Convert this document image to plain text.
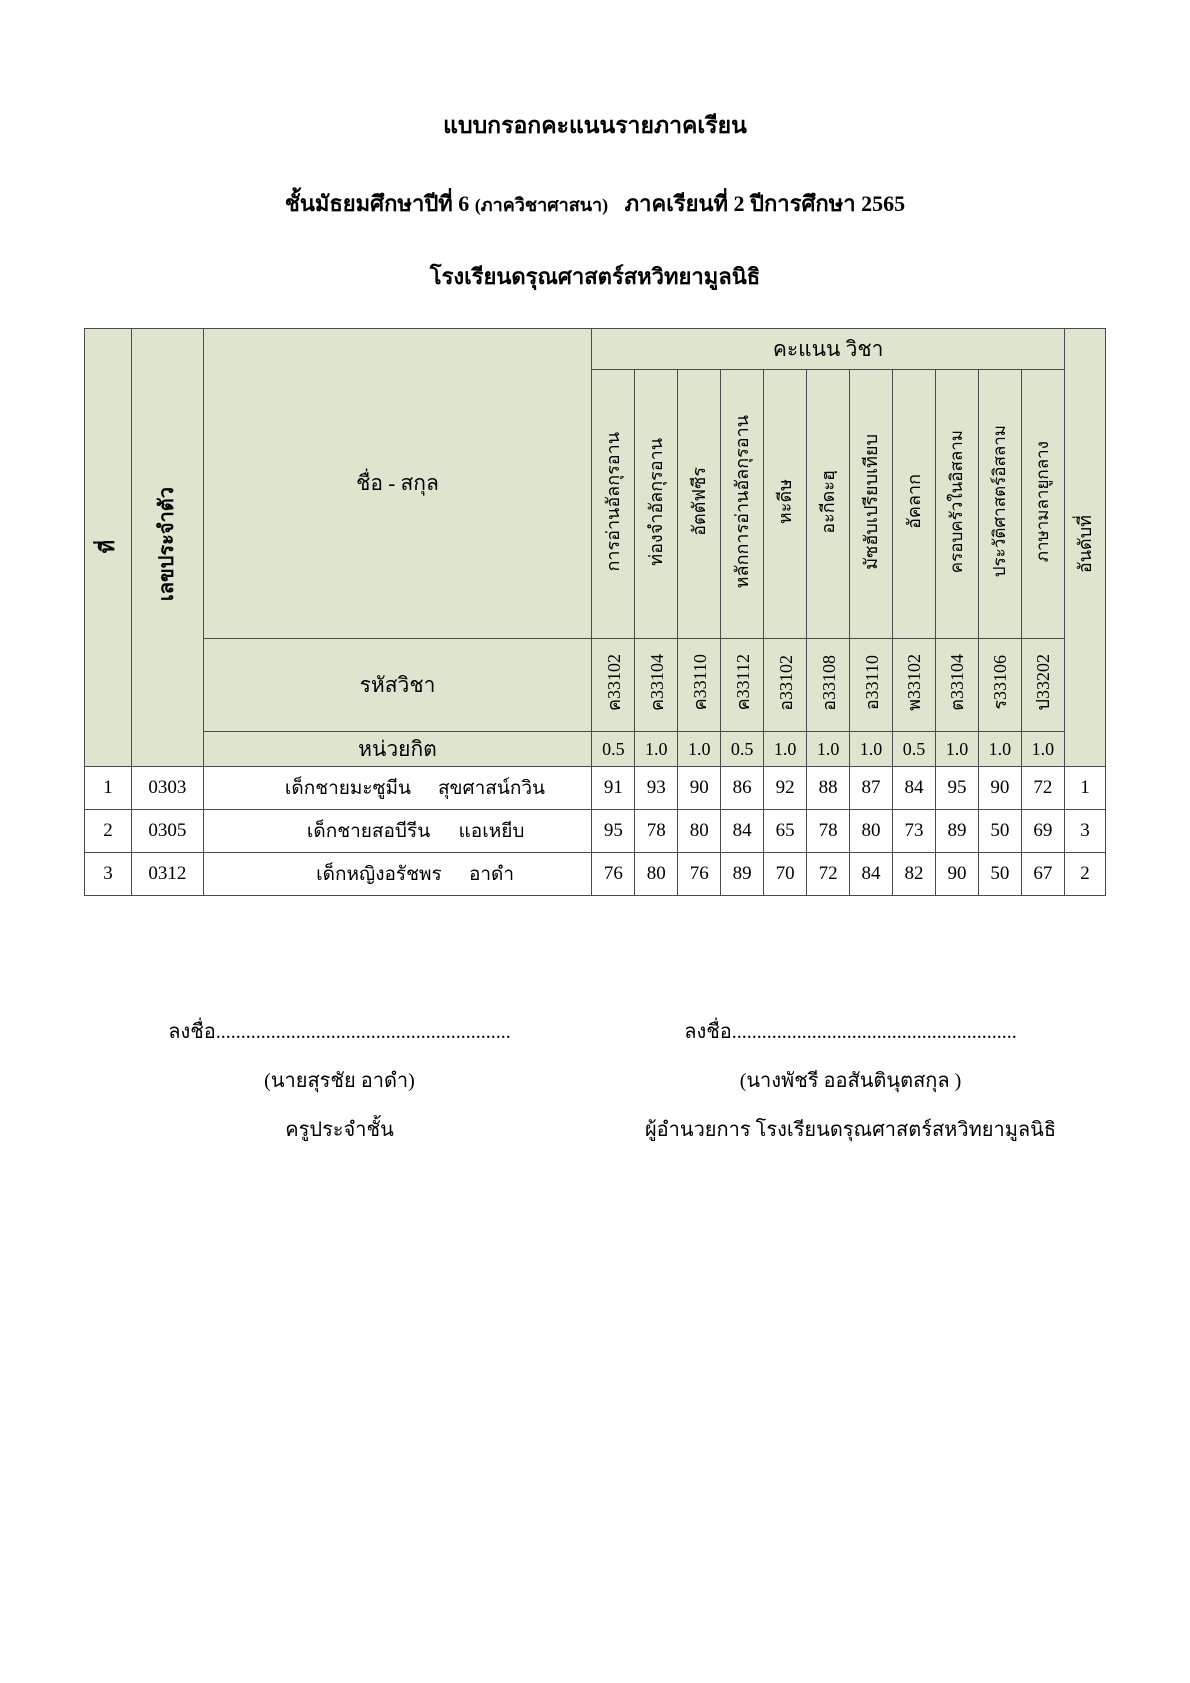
แบบกรอกคะแนนรายภาคเรียน
ชั้นมัธยมศึกษาปีที่ 6 (ภาควิชาศาสนา) ภาคเรียนที่ 2 ปีการศึกษา 2565
โรงเรียนดรุณศาสตร์สหวิทยามูลนิธิ
ที่	เลขประจำตัว	ชื่อ - สกุล	คะแนน วิชา											อันดับที่
			การอ่านอัลกุรอาน	ท่องจำอัลกุรอาน	อัตตัฟซีร	หลักการอ่านอัลกุรอาน	หะดีษ	อะกีดะฮฺ	มัซฮับเปรียบเทียบ	อัคลาก	ครอบครัวในอิสลาม	ประวัติศาสตร์อิสลาม	ภาษามลายูกลาง	
		รหัสวิชา	ค33102	ค33104	ค33110	ค33112	อ33102	อ33108	อ33110	พ33102	ต33104	ร33106	ป33202	
		หน่วยกิต	0.5	1.0	1.0	0.5	1.0	1.0	1.0	0.5	1.0	1.0	1.0	
1	0303	เด็กชายมะซูมีน สุขศาสน์กวิน	91	93	90	86	92	88	87	84	95	90	72	1
2	0305	เด็กชายสอบีรีน แอเหยีบ	95	78	80	84	65	78	80	73	89	50	69	3
3	0312	เด็กหญิงอรัชพร อาดำ	76	80	76	89	70	72	84	82	90	50	67	2
ลงชื่อ...........................................................
(นายสุรชัย อาดำ)
ครูประจำชั้น
ลงชื่อ.........................................................
(นางพัชรี ออสันตินุตสกุล )
ผู้อำนวยการ โรงเรียนดรุณศาสตร์สหวิทยามูลนิธิ
